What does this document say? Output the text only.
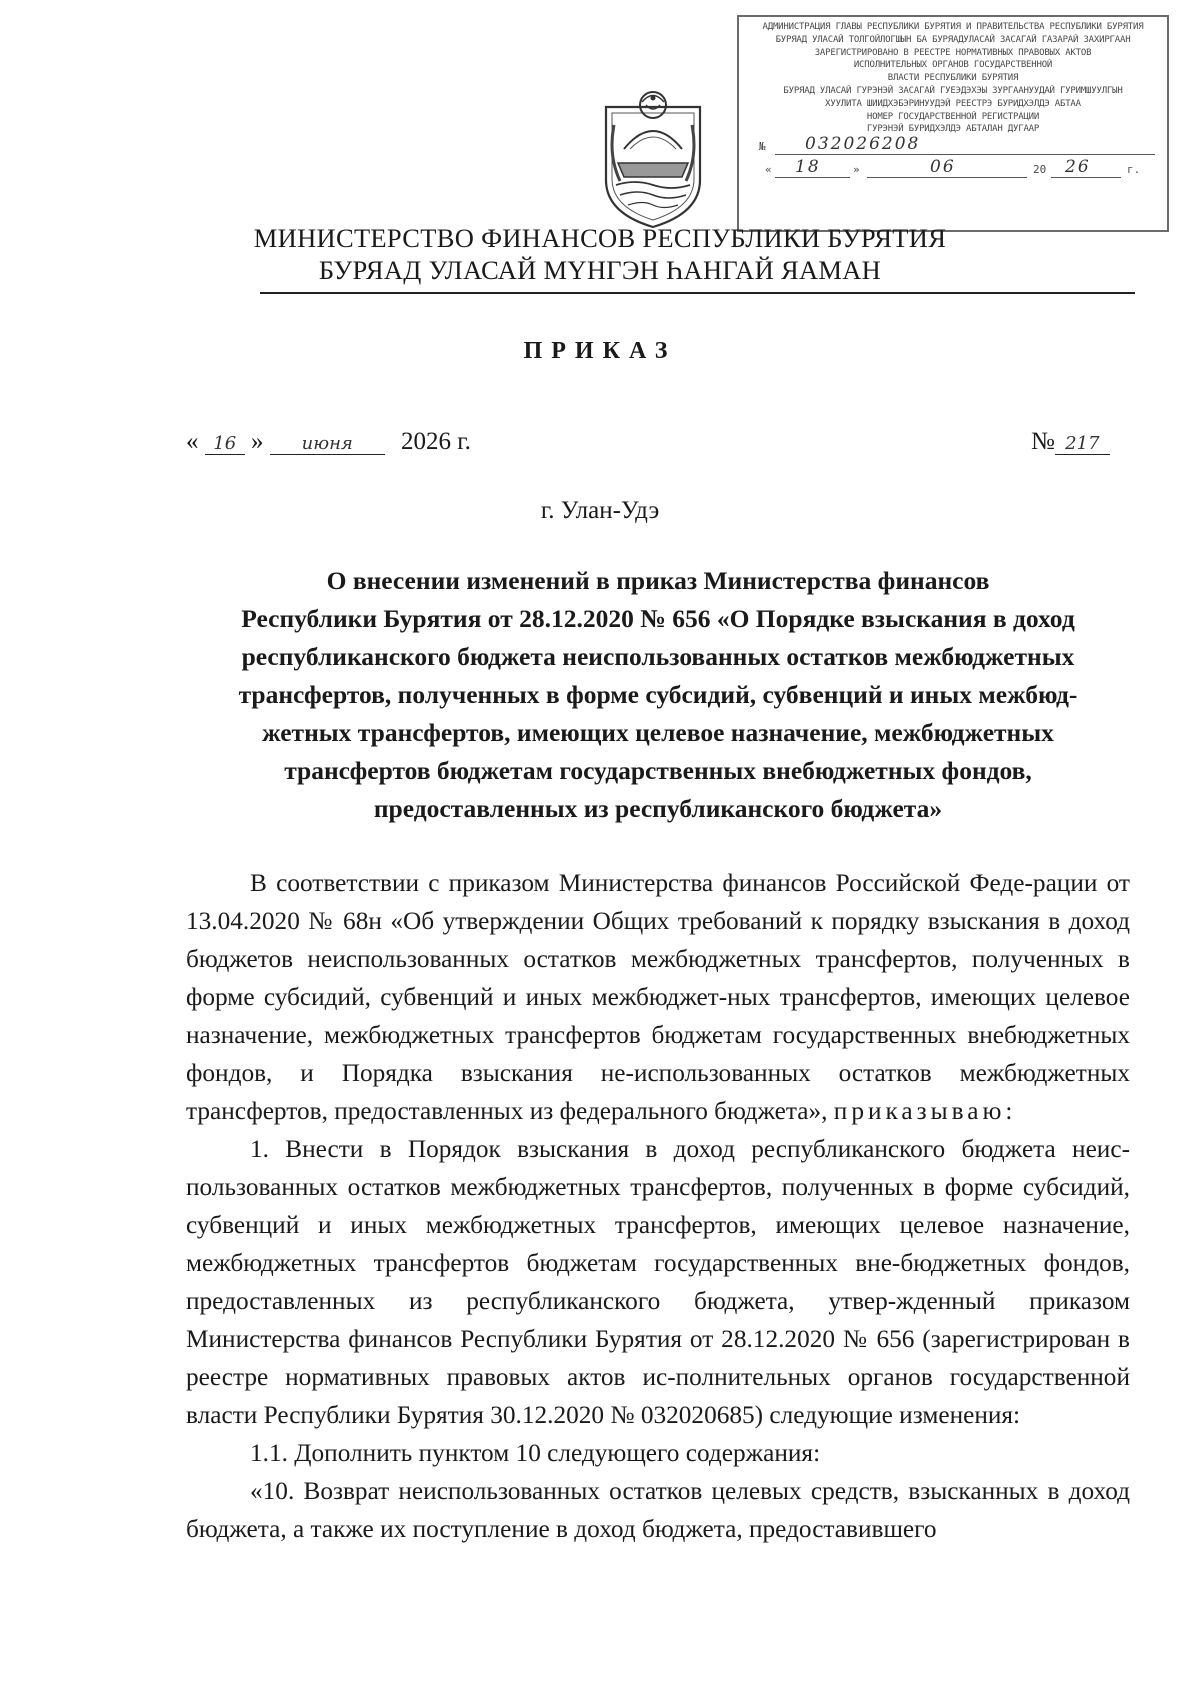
АДМИНИСТРАЦИЯ ГЛАВЫ РЕСПУБЛИКИ БУРЯТИЯ И ПРАВИТЕЛЬСТВА РЕСПУБЛИКИ БУРЯТИЯ
БУРЯАД УЛАСАЙ ТОЛГОЙЛОГШЫН БА БУРЯАДУЛАСАЙ ЗАСАГАЙ ГАЗАРАЙ ЗАХИРГААН
ЗАРЕГИСТРИРОВАНО В РЕЕСТРЕ НОРМАТИВНЫХ ПРАВОВЫХ АКТОВ
ИСПОЛНИТЕЛЬНЫХ ОРГАНОВ ГОСУДАРСТВЕННОЙ
ВЛАСТИ РЕСПУБЛИКИ БУРЯТИЯ
БУРЯАД УЛАСАЙ ГУРЭНЭЙ ЗАСАГАЙ ГУЕЭДЭХЭЫ ЗУРГААНУУДАЙ ГУРИМШУУЛГЫН
ХУУЛИТА ШИИДХЭБЭРИНУУДЭЙ РЕЕСТРЭ БУРИДХЭЛДЭ АБТАА
НОМЕР ГОСУДАРСТВЕННОЙ РЕГИСТРАЦИИ
ГУРЭНЭЙ БУРИДХЭЛДЭ АБТАЛАН ДУГААР
№ 032026208
« 18	»	06	20 26	г.
МИНИСТЕРСТВО ФИНАНСОВ РЕСПУБЛИКИ БУРЯТИЯ
БУРЯАД УЛАСАЙ МYНГЭН ҺАНГАЙ ЯАМАН
ПРИКАЗ
« 16 » июня 2026 г.	№ 217
г. Улан-Удэ
О внесении изменений в приказ Министерства финансов
Республики Бурятия от 28.12.2020 № 656 «О Порядке взыскания в доход
республиканского бюджета неиспользованных остатков межбюджетных
трансфертов, полученных в форме субсидий, субвенций и иных межбюд-
жетных трансфертов, имеющих целевое назначение, межбюджетных
трансфертов бюджетам государственных внебюджетных фондов,
предоставленных из республиканского бюджета»

В соответствии с приказом Министерства финансов Российской Феде-рации от 13.04.2020 № 68н «Об утверждении Общих требований к порядку взыскания в доход бюджетов неиспользованных остатков межбюджетных трансфертов, полученных в форме субсидий, субвенций и иных межбюджет-ных трансфертов, имеющих целевое назначение, межбюджетных трансфертов бюджетам государственных внебюджетных фондов, и Порядка взыскания не-использованных остатков межбюджетных трансфертов, предоставленных из федерального бюджета», приказываю:

1. Внести в Порядок взыскания в доход республиканского бюджета неис-пользованных остатков межбюджетных трансфертов, полученных в форме субсидий, субвенций и иных межбюджетных трансфертов, имеющих целевое назначение, межбюджетных трансфертов бюджетам государственных вне-бюджетных фондов, предоставленных из республиканского бюджета, утвер-жденный приказом Министерства финансов Республики Бурятия от 28.12.2020 № 656 (зарегистрирован в реестре нормативных правовых актов ис-полнительных органов государственной власти Республики Бурятия 30.12.2020 № 032020685) следующие изменения:

1.1. Дополнить пунктом 10 следующего содержания:

«10. Возврат неиспользованных остатков целевых средств, взысканных в доход бюджета, а также их поступление в доход бюджета, предоставившего
